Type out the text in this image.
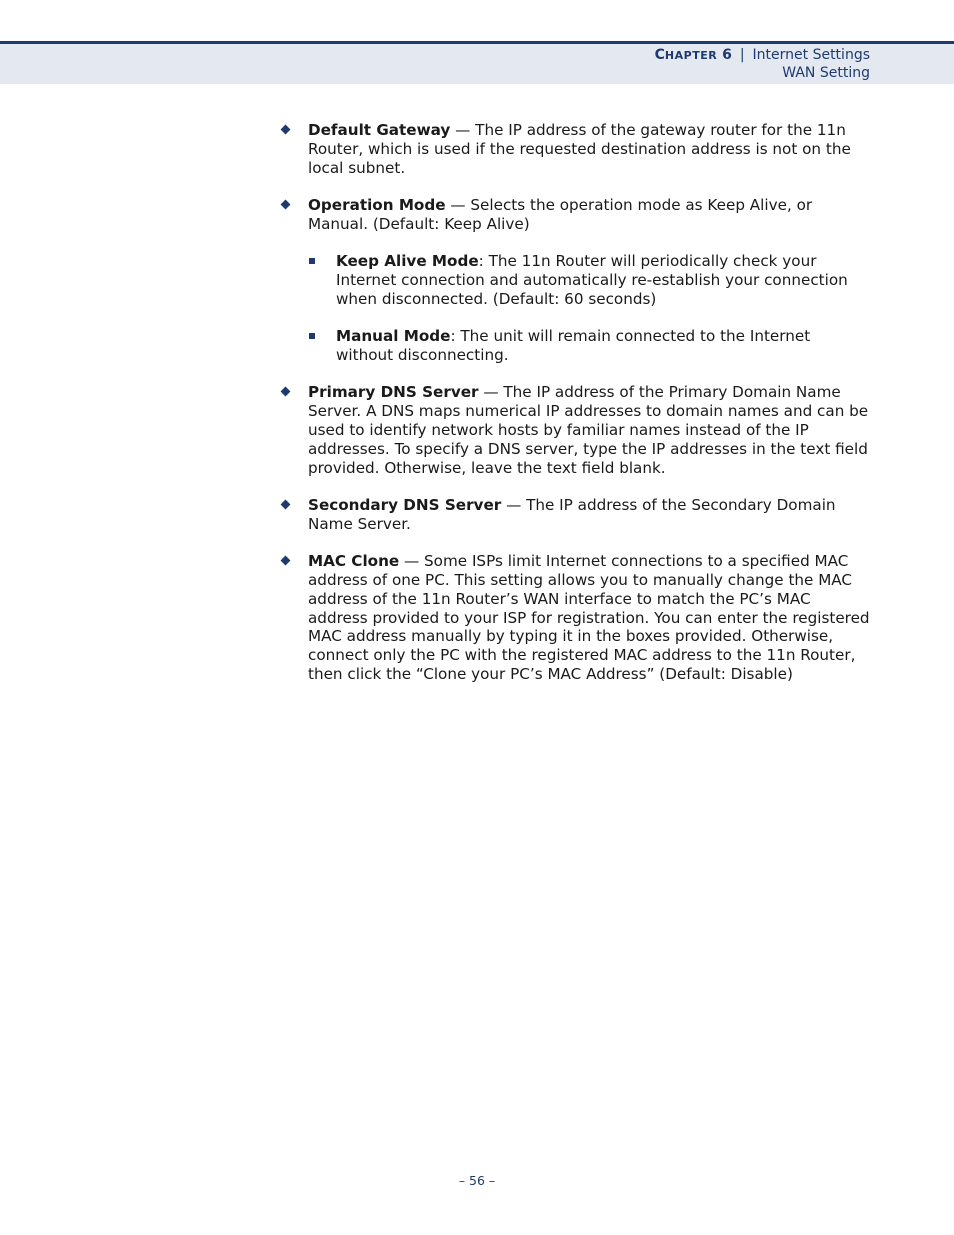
CHAPTER 6 | Internet Settings
WAN Setting
Default Gateway — The IP address of the gateway router for the 11n Router, which is used if the requested destination address is not on the local subnet.
Operation Mode — Selects the operation mode as Keep Alive, or Manual. (Default: Keep Alive)
Keep Alive Mode: The 11n Router will periodically check your Internet connection and automatically re-establish your connection when disconnected. (Default: 60 seconds)
Manual Mode: The unit will remain connected to the Internet without disconnecting.
Primary DNS Server — The IP address of the Primary Domain Name Server. A DNS maps numerical IP addresses to domain names and can be used to identify network hosts by familiar names instead of the IP addresses. To specify a DNS server, type the IP addresses in the text field provided. Otherwise, leave the text field blank.
Secondary DNS Server — The IP address of the Secondary Domain Name Server.
MAC Clone — Some ISPs limit Internet connections to a specified MAC address of one PC. This setting allows you to manually change the MAC address of the 11n Router’s WAN interface to match the PC’s MAC address provided to your ISP for registration. You can enter the registered MAC address manually by typing it in the boxes provided. Otherwise, connect only the PC with the registered MAC address to the 11n Router, then click the “Clone your PC’s MAC Address” (Default: Disable)
– 56 –
